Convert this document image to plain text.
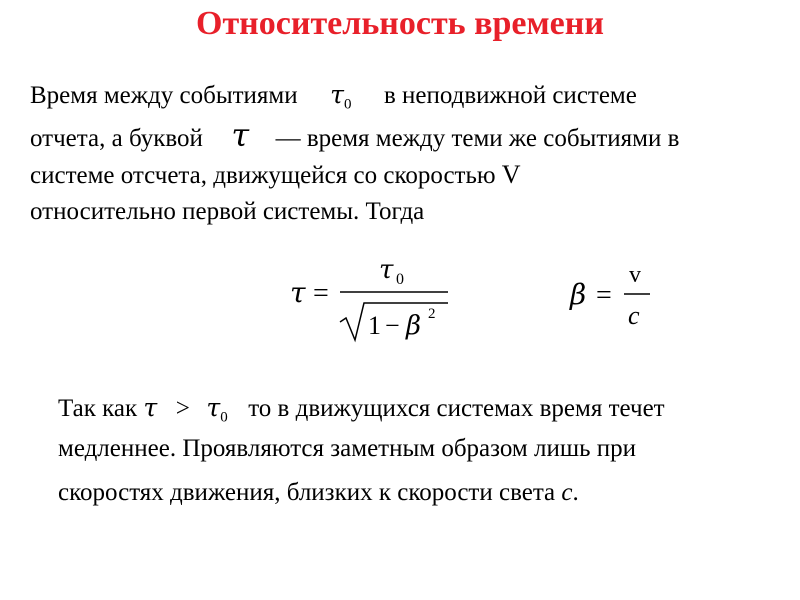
Относительность времени
Время между событиями $\tau_0$ в неподвижной системе
отчета, а буквой τ — время между теми же событиями в
системе отсчета, движущейся со скоростью V
относительно первой системы. Тогда
τ =
τ 0
1 − β 2
β =
v
c
Так как $\tau > \tau_0$ то в движущихся системах время течет
медленнее. Проявляются заметным образом лишь при
скоростях движения, близких к скорости света c.
